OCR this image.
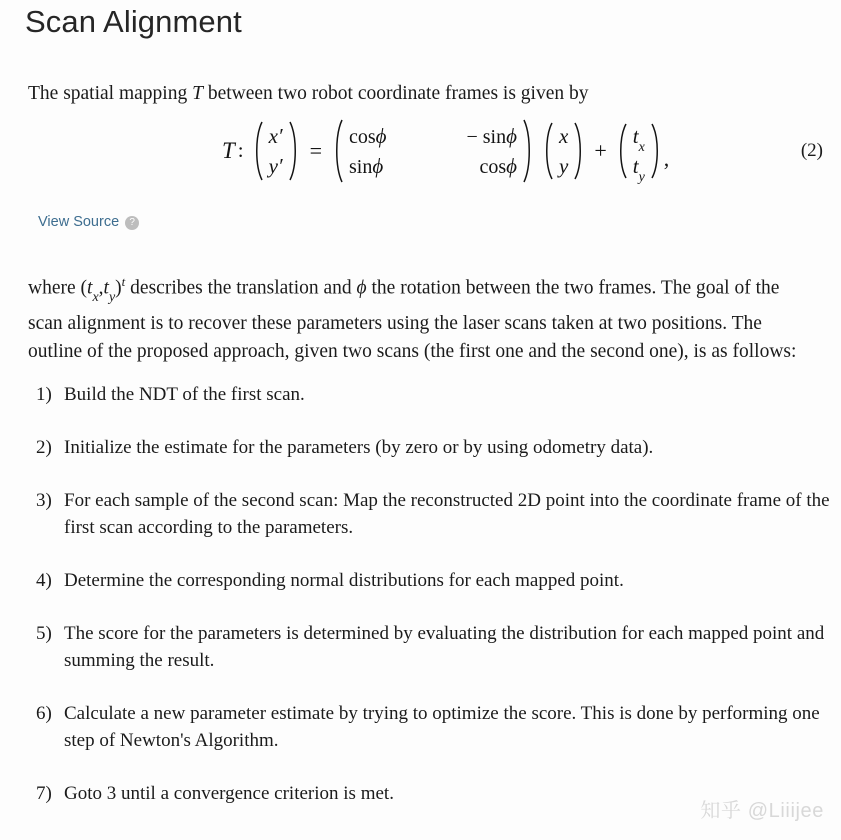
Scan Alignment
The spatial mapping T between two robot coordinate frames is given by
T :
x′
y′
=
cosϕ	− sinϕ
sinϕ	cosϕ
x
y
+
$t_x$
$t_y$
,	(2)
View Source	?
where $(t_x,t_y)^t$ describes the translation and ϕ the rotation between the two frames. The goal of the scan alignment is to recover these parameters using the laser scans taken at two positions. The outline of the proposed approach, given two scans (the first one and the second one), is as follows:
1) Build the NDT of the first scan.
2) Initialize the estimate for the parameters (by zero or by using odometry data).
3) For each sample of the second scan: Map the reconstructed 2D point into the coordinate frame of the first scan according to the parameters.
4) Determine the corresponding normal distributions for each mapped point.
5) The score for the parameters is determined by evaluating the distribution for each mapped point and summing the result.
6) Calculate a new parameter estimate by trying to optimize the score. This is done by performing one step of Newton's Algorithm.
7) Goto 3 until a convergence criterion is met.
知乎 @Liiijee
